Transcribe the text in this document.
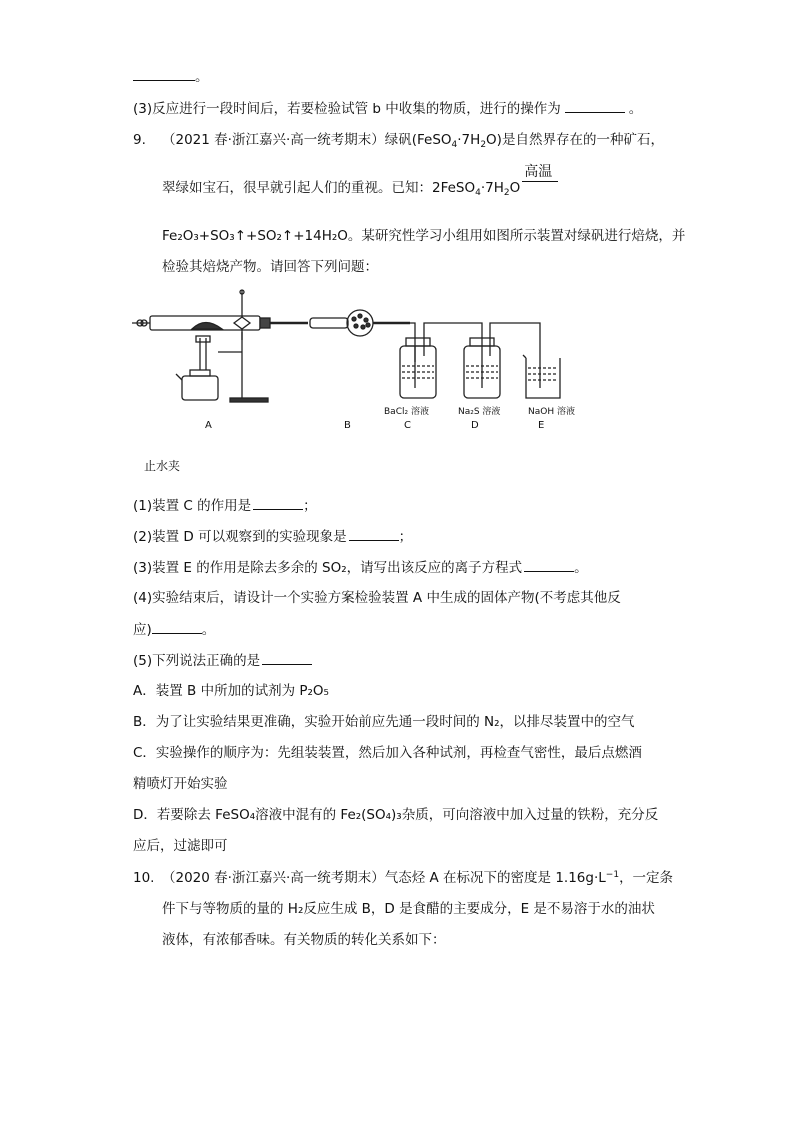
。
(3)反应进行一段时间后，若要检验试管 b 中收集的物质，进行的操作为	。
9. （2021 春·浙江嘉兴·高一统考期末）绿矾$(FeSO_4\cdot 7H_2O)$是自然界存在的一种矿石，
翠绿如宝石，很早就引起人们的重视。已知：$2FeSO_4\cdot 7H_2O$
高温
Fe₂O₃+SO₃↑+SO₂↑+14H₂O。某研究性学习小组用如图所示装置对绿矾进行焙烧，并
检验其焙烧产物。请回答下列问题：
BaCl₂ 溶液	Na₂S 溶液	NaOH 溶液
A	B	C	D	E
止水夹
(1)装置 C 的作用是	；
(2)装置 D 可以观察到的实验现象是	；
(3)装置 E 的作用是除去多余的 SO₂，请写出该反应的离子方程式	。
(4)实验结束后，请设计一个实验方案检验装置 A 中生成的固体产物(不考虑其他反
应)	。
(5)下列说法正确的是
A．装置 B 中所加的试剂为 P₂O₅
B．为了让实验结果更准确，实验开始前应先通一段时间的 N₂，以排尽装置中的空气
C．实验操作的顺序为：先组装装置，然后加入各种试剂，再检查气密性，最后点燃酒
精喷灯开始实验
D．若要除去 FeSO₄溶液中混有的 Fe₂(SO₄)₃杂质，可向溶液中加入过量的铁粉，充分反
应后，过滤即可
10. （2020 春·浙江嘉兴·高一统考期末）气态烃 A 在标况下的密度是 $1.16g\cdot L^{-1}$，一定条
件下与等物质的量的 H₂反应生成 B，D 是食醋的主要成分，E 是不易溶于水的油状
液体，有浓郁香味。有关物质的转化关系如下：
